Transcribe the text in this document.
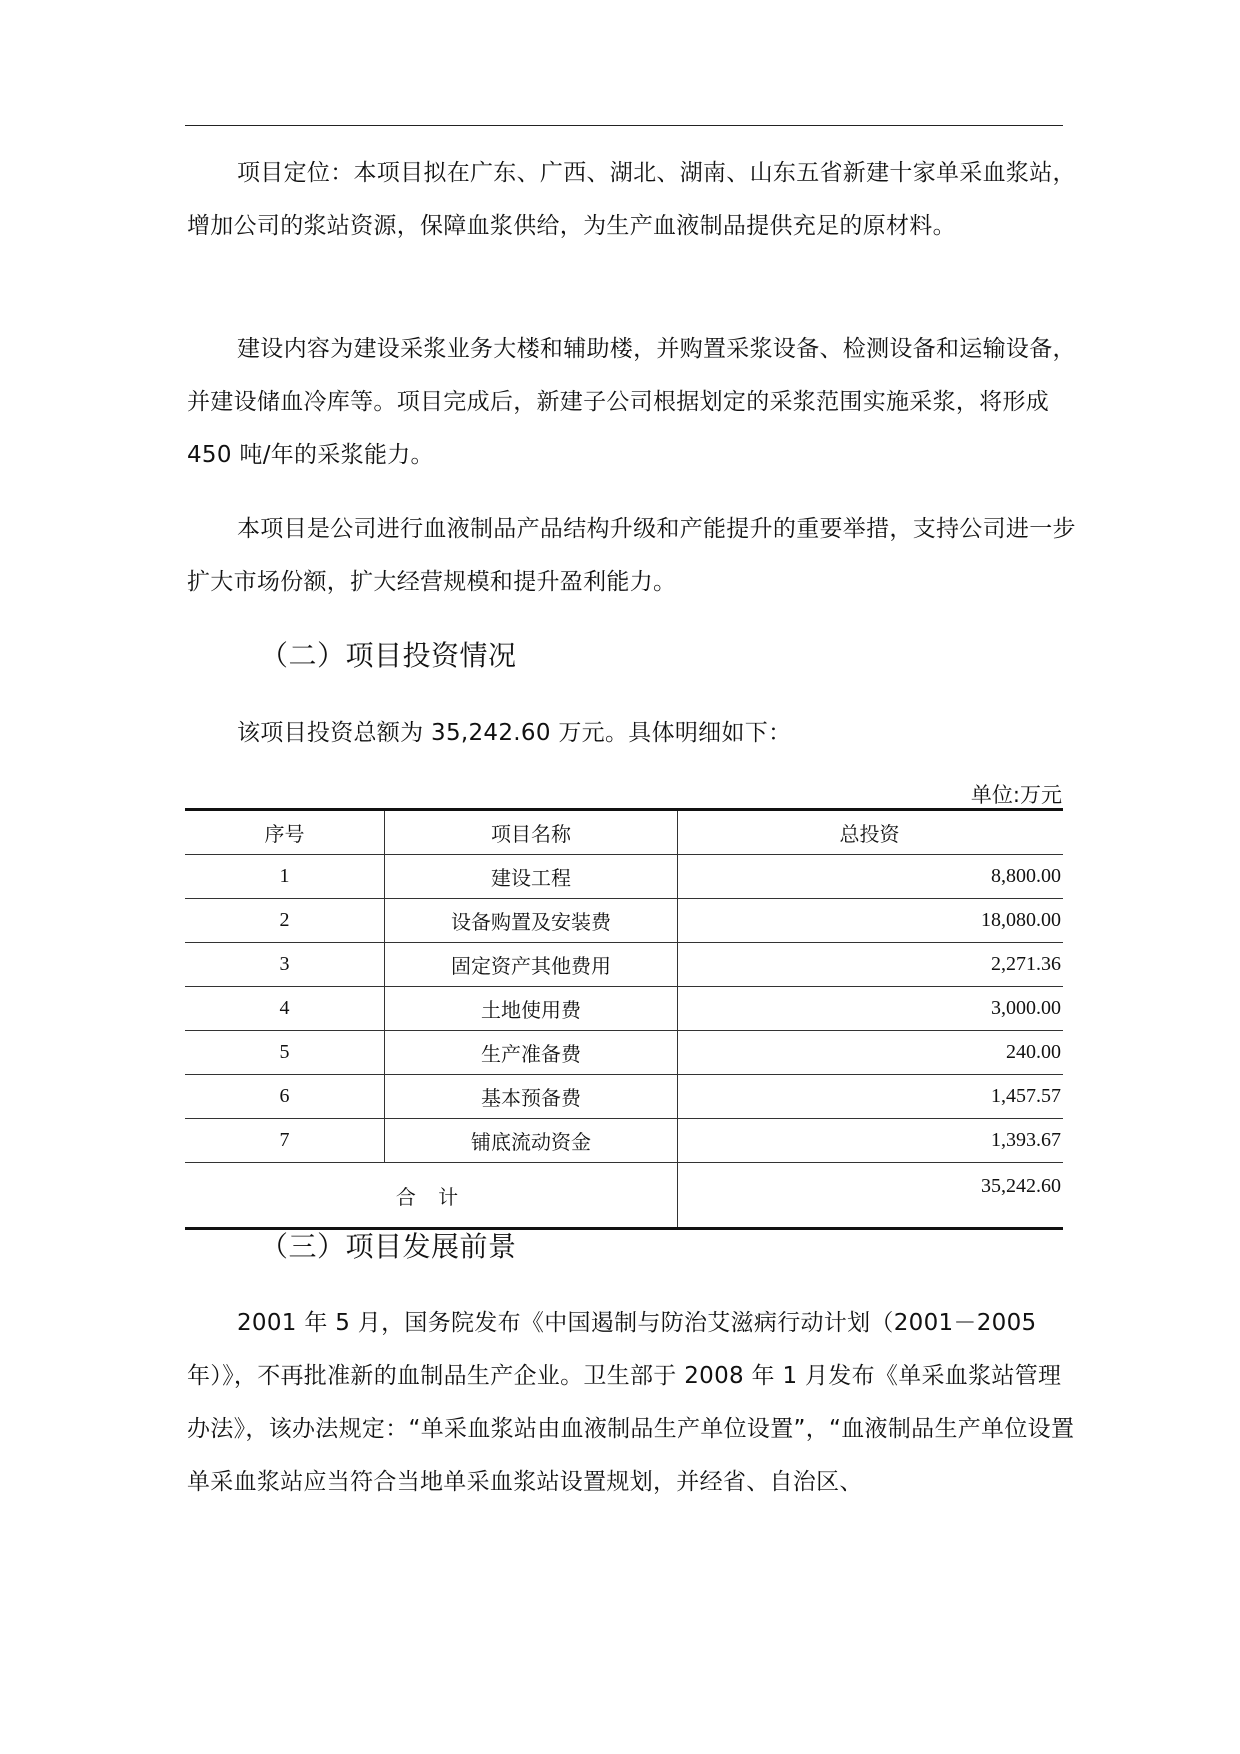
项目定位：本项目拟在广东、广西、湖北、湖南、山东五省新建十家单采血浆站，增加公司的浆站资源，保障血浆供给，为生产血液制品提供充足的原材料。

建设内容为建设采浆业务大楼和辅助楼，并购置采浆设备、检测设备和运输设备，并建设储血冷库等。项目完成后，新建子公司根据划定的采浆范围实施采浆，将形成 450 吨/年的采浆能力。

本项目是公司进行血液制品产品结构升级和产能提升的重要举措，支持公司进一步扩大市场份额，扩大经营规模和提升盈利能力。

（二）项目投资情况

该项目投资总额为 35,242.60 万元。具体明细如下：

单位:万元

序号	项目名称	总投资
1	建设工程	8,800.00
2	设备购置及安装费	18,080.00
3	固定资产其他费用	2,271.36
4	土地使用费	3,000.00
5	生产准备费	240.00
6	基本预备费	1,457.57
7	铺底流动资金	1,393.67
合 计		35,242.60
（三）项目发展前景

2001 年 5 月，国务院发布《中国遏制与防治艾滋病行动计划（2001－2005 年）》，不再批准新的血制品生产企业。卫生部于 2008 年 1 月发布《单采血浆站管理办法》，该办法规定：“单采血浆站由血液制品生产单位设置”，“血液制品生产单位设置单采血浆站应当符合当地单采血浆站设置规划，并经省、自治区、
